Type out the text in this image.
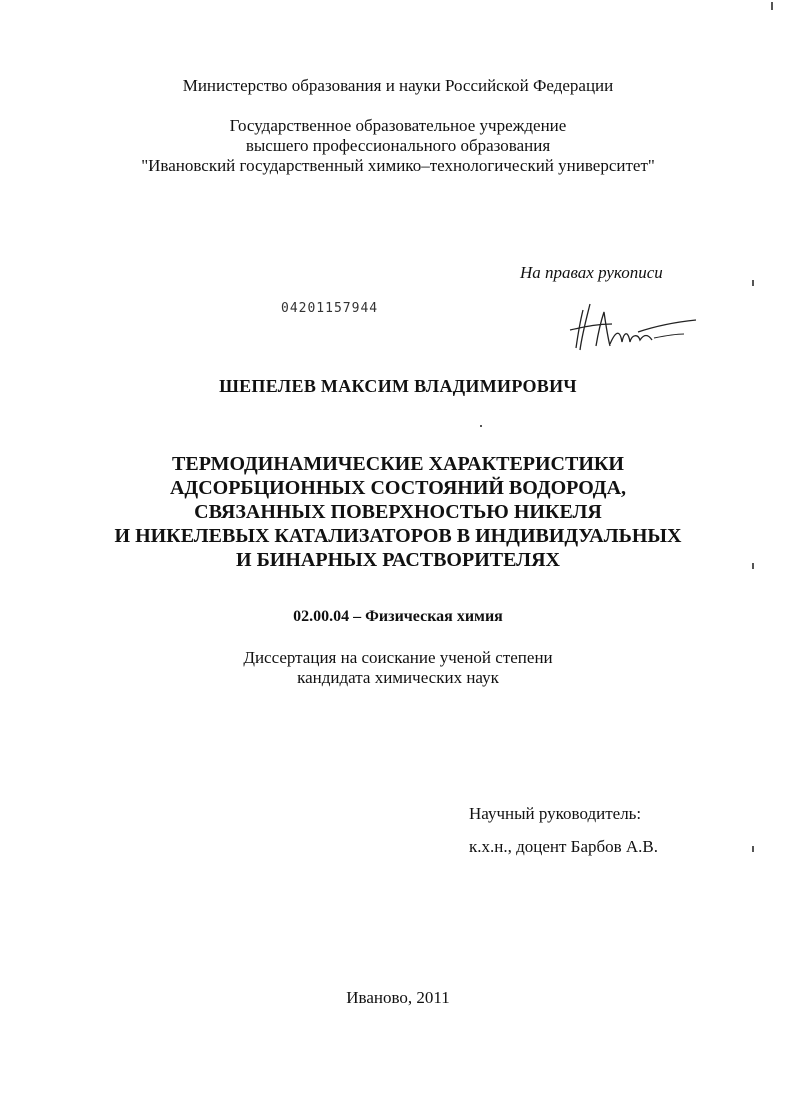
Министерство образования и науки Российской Федерации
Государственное образовательное учреждение
высшего профессионального образования
"Ивановский государственный химико–технологический университет"
На правах рукописи
04201157944
ШЕПЕЛЕВ МАКСИМ ВЛАДИМИРОВИЧ
ТЕРМОДИНАМИЧЕСКИЕ ХАРАКТЕРИСТИКИ
АДСОРБЦИОННЫХ СОСТОЯНИЙ ВОДОРОДА,
СВЯЗАННЫХ ПОВЕРХНОСТЬЮ НИКЕЛЯ
И НИКЕЛЕВЫХ КАТАЛИЗАТОРОВ В ИНДИВИДУАЛЬНЫХ
И БИНАРНЫХ РАСТВОРИТЕЛЯХ
02.00.04 – Физическая химия
Диссертация на соискание ученой степени
кандидата химических наук
Научный руководитель:
к.х.н., доцент Барбов А.В.
Иваново, 2011
